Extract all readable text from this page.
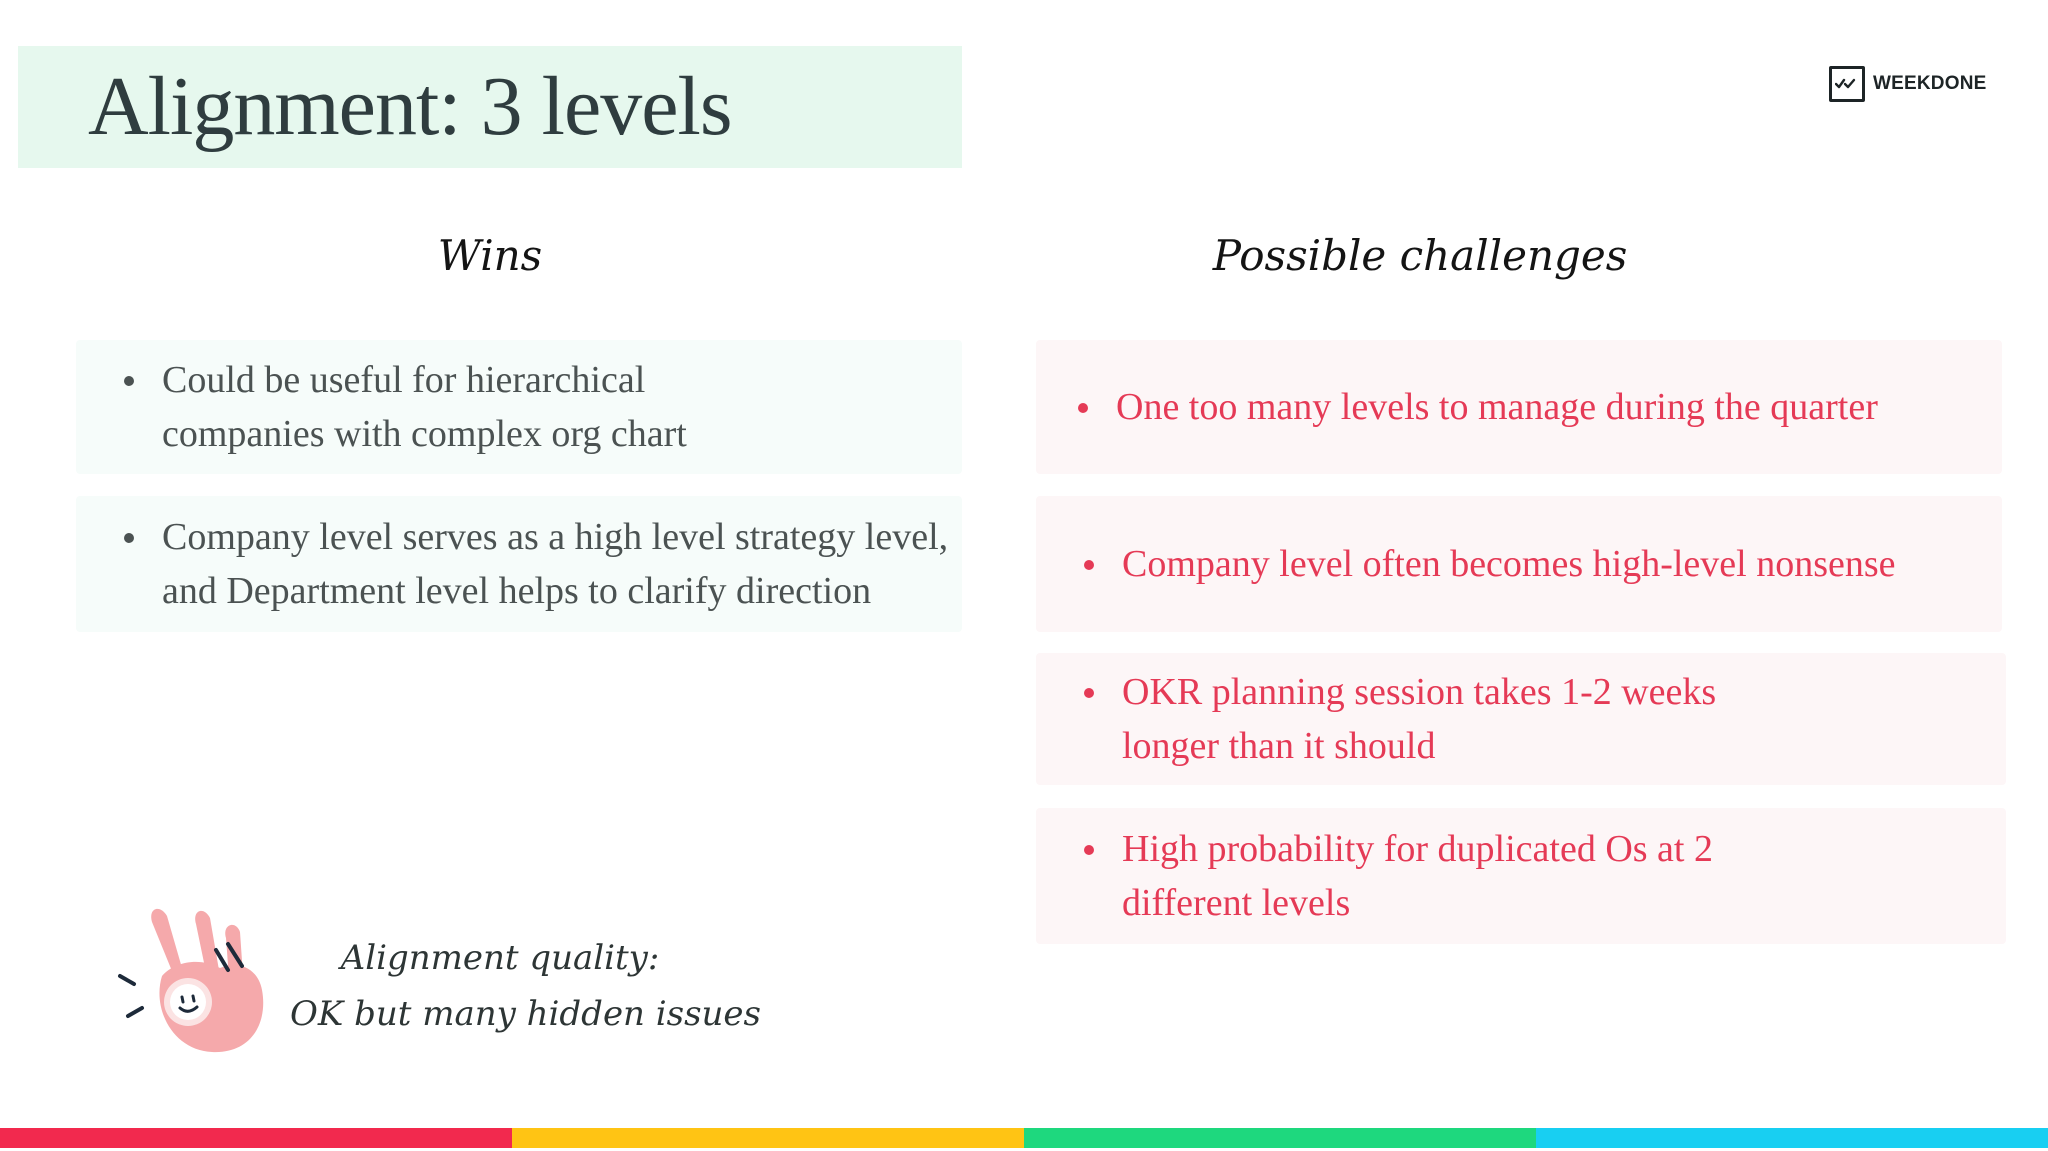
Alignment: 3 levels	WEEKDONE
Wins	Possible challenges
Could be useful for hierarchical
companies with complex org chart
Company level serves as a high level strategy level,
and Department level helps to clarify direction
One too many levels to manage during the quarter
Company level often becomes high-level nonsense
OKR planning session takes 1-2 weeks
longer than it should
High probability for duplicated Os at 2
different levels
Alignment quality:
OK but many hidden issues
